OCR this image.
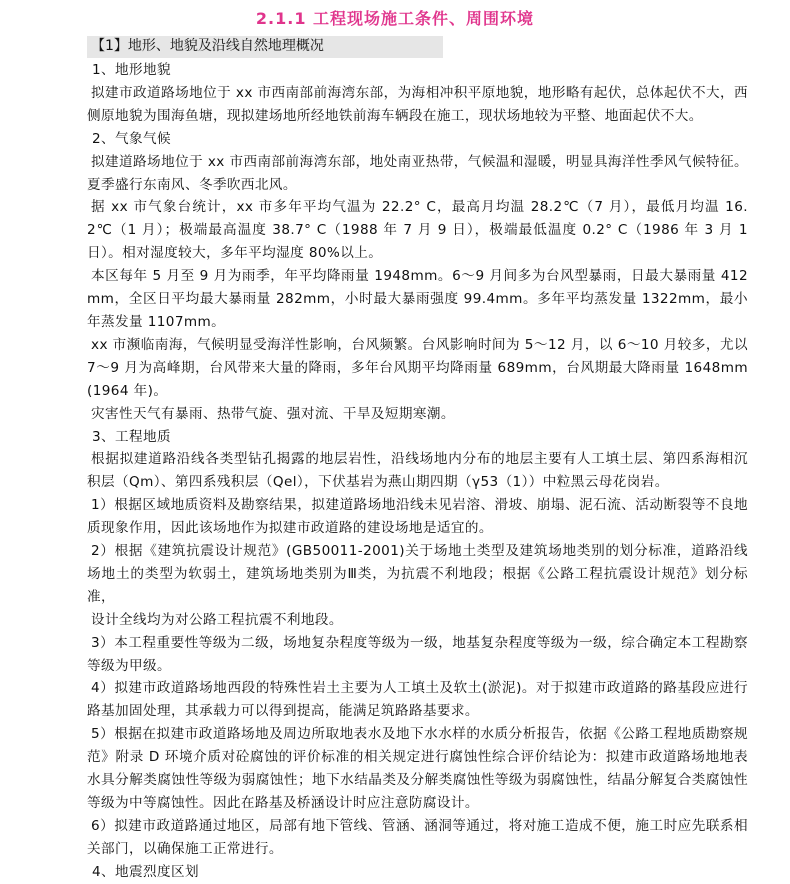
2.1.1 工程现场施工条件、周围环境
【1】地形、地貌及沿线自然地理概况

1、地形地貌

拟建市政道路场地位于 xx 市西南部前海湾东部，为海相冲积平原地貌，地形略有起伏，总体起伏不大，西侧原地貌为围海鱼塘，现拟建场地所经地铁前海车辆段在施工，现状场地较为平整、地面起伏不大。

2、气象气候

拟建道路场地位于 xx 市西南部前海湾东部，地处南亚热带，气候温和湿暖，明显具海洋性季风气候特征。夏季盛行东南风、冬季吹西北风。

据 xx 市气象台统计，xx 市多年平均气温为 22.2° C，最高月均温 28.2℃（7 月），最低月均温 16.2℃（1 月）；极端最高温度 38.7° C（1988 年 7 月 9 日），极端最低温度 0.2° C（1986 年 3 月 1 日）。相对湿度较大，多年平均湿度 80%以上。

本区每年 5 月至 9 月为雨季，年平均降雨量 1948mm。6～9 月间多为台风型暴雨，日最大暴雨量 412mm，全区日平均最大暴雨量 282mm，小时最大暴雨强度 99.4mm。多年平均蒸发量 1322mm，最小年蒸发量 1107mm。

xx 市濒临南海，气候明显受海洋性影响，台风频繁。台风影响时间为 5～12 月，以 6～10 月较多，尤以 7～9 月为高峰期，台风带来大量的降雨，多年台风期平均降雨量 689mm，台风期最大降雨量 1648mm(1964 年)。

灾害性天气有暴雨、热带气旋、强对流、干旱及短期寒潮。

3、工程地质

根据拟建道路沿线各类型钻孔揭露的地层岩性，沿线场地内分布的地层主要有人工填土层、第四系海相沉积层（Qm）、第四系残积层（Qel），下伏基岩为燕山期四期（γ53（1））中粒黑云母花岗岩。

1）根据区域地质资料及勘察结果，拟建道路场地沿线未见岩溶、滑坡、崩塌、泥石流、活动断裂等不良地质现象作用，因此该场地作为拟建市政道路的建设场地是适宜的。

2）根据《建筑抗震设计规范》(GB50011-2001)关于场地土类型及建筑场地类别的划分标准，道路沿线场地土的类型为软弱土，建筑场地类别为Ⅲ类，为抗震不利地段；根据《公路工程抗震设计规范》划分标准，

设计全线均为对公路工程抗震不利地段。

3）本工程重要性等级为二级，场地复杂程度等级为一级，地基复杂程度等级为一级，综合确定本工程勘察等级为甲级。

4）拟建市政道路场地西段的特殊性岩土主要为人工填土及软土(淤泥)。对于拟建市政道路的路基段应进行路基加固处理，其承载力可以得到提高，能满足筑路路基要求。

5）根据在拟建市政道路场地及周边所取地表水及地下水水样的水质分析报告，依据《公路工程地质勘察规范》附录 D 环境介质对砼腐蚀的评价标准的相关规定进行腐蚀性综合评价结论为：拟建市政道路场地地表水具分解类腐蚀性等级为弱腐蚀性；地下水结晶类及分解类腐蚀性等级为弱腐蚀性，结晶分解复合类腐蚀性等级为中等腐蚀性。因此在路基及桥涵设计时应注意防腐设计。

6）拟建市政道路通过地区，局部有地下管线、管涵、涵洞等通过，将对施工造成不便，施工时应先联系相关部门，以确保施工正常进行。

4、地震烈度区划
